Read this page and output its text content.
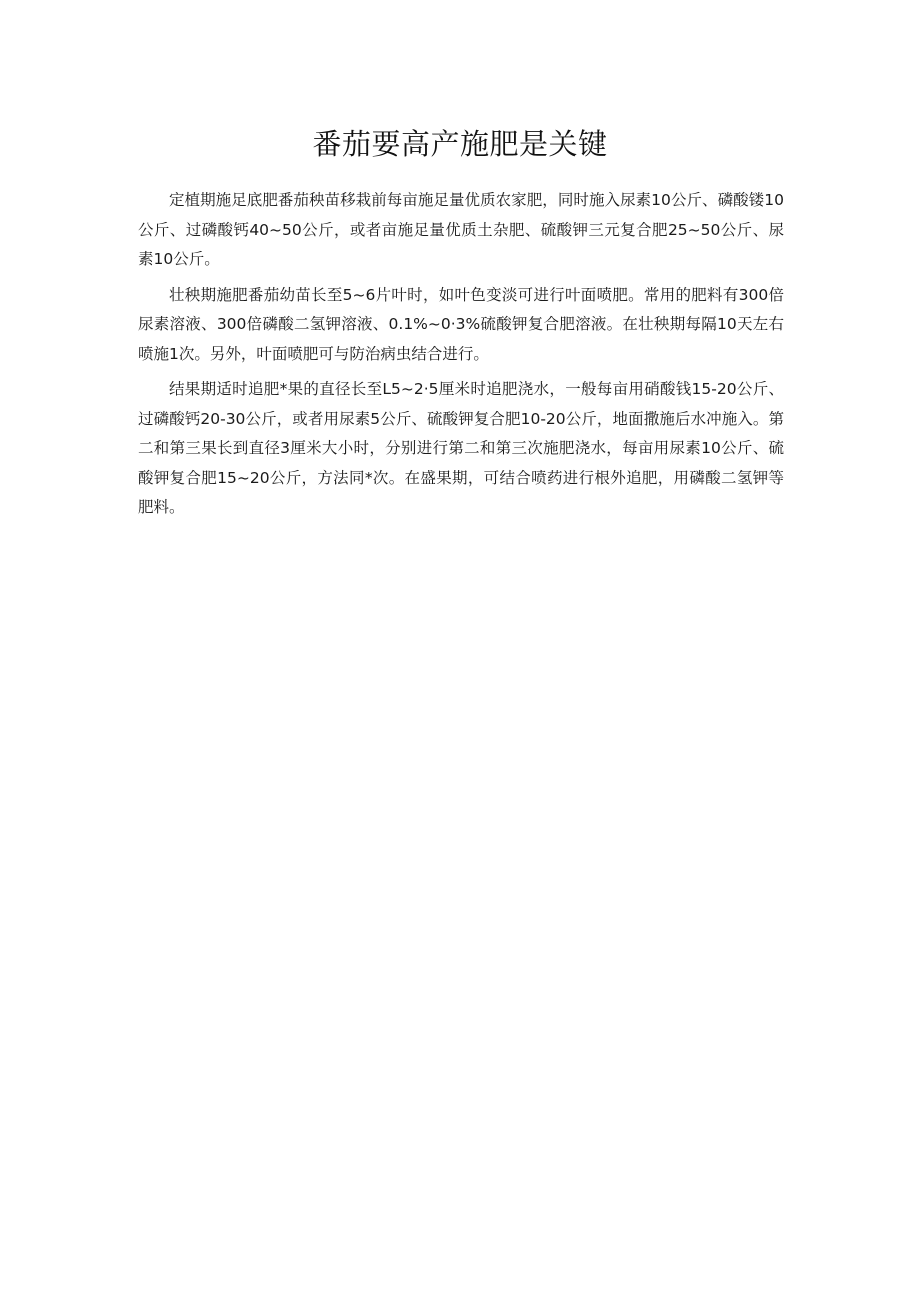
番茄要高产施肥是关键

定植期施足底肥番茄秧苗移栽前每亩施足量优质农家肥，同时施入尿素10公斤、磷酸镂10公斤、过磷酸钙40~50公斤，或者亩施足量优质土杂肥、硫酸钾三元复合肥25~50公斤、尿素10公斤。

壮秧期施肥番茄幼苗长至5~6片叶时，如叶色变淡可进行叶面喷肥。常用的肥料有300倍尿素溶液、300倍磷酸二氢钾溶液、0.1%~0·3%硫酸钾复合肥溶液。在壮秧期每隔10天左右喷施1次。另外，叶面喷肥可与防治病虫结合进行。

结果期适时追肥*果的直径长至L5~2·5厘米时追肥浇水，一般每亩用硝酸钱15-20公斤、过磷酸钙20-30公斤，或者用尿素5公斤、硫酸钾复合肥10-20公斤，地面撒施后水冲施入。第二和第三果长到直径3厘米大小时，分别进行第二和第三次施肥浇水，每亩用尿素10公斤、硫酸钾复合肥15~20公斤，方法同*次。在盛果期，可结合喷药进行根外追肥，用磷酸二氢钾等肥料。
